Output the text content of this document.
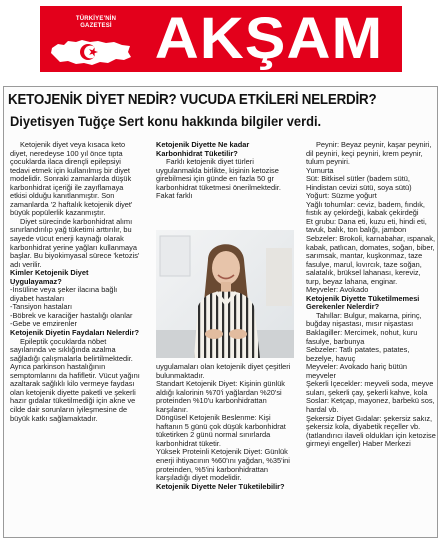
TÜRKİYE'NİN
GAZETESİ AKŞAM
KETOJENİK DİYET NEDİR? VUCUDA ETKİLERİ NELERDİR?
Diyetisyen Tuğçe Sert konu hakkında bilgiler verdi.

Ketojenik diyet veya kısaca keto diyet, neredeyse 100 yıl önce tıpta çocuklarda ilaca dirençli epilepsiyi tedavi etmek için kullanılmış bir diyet modelidir. Sonraki zamanlarda düşük karbonhidrat içeriği ile zayıflamaya etkisi olduğu kanıtlanmıştır. Son zamanlarda '2 haftalık ketojenik diyet' büyük popülerlik kazanmıştır.

Diyet sürecinde karbonhidrat alımı sınırlandırılıp yağ tüketimi arttırılır, bu sayede vücut enerji kaynağı olarak karbonhidrat yerine yağları kullanmaya başlar. Bu biyokimyasal sürece 'ketozis' adı verilir.

Kimler Ketojenik Diyet Uygulayamaz?

-İnsüline veya şeker ilacına bağlı diyabet hastaları

-Tansiyon hastaları

-Böbrek ve karaciğer hastalığı olanlar

-Gebe ve emzirenler

Ketojenik Diyetin Faydaları Nelerdir?

Epileptik çocuklarda nöbet sayılarında ve sıklığında azalma sağladığı çalışmalarla belirtilmektedir. Ayrıca parkinson hastalığının semptomlarını da hafifletir. Vücut yağını azaltarak sağlıklı kilo vermeye faydası olan ketojenik diyette paketli ve şekerli hazır gıdalar tüketilmediği için akne ve cilde dair sorunların iyileşmesine de büyük katkı sağlamaktadır.

Ketojenik Diyette Ne kadar Karbonhidrat Tüketilir?

Farklı ketojenik diyet türleri uygulanmakla birlikte, kişinin ketozise girebilmesi için günde en fazla 50 gr karbonhidrat tüketmesi önerilmektedir. Fakat farklı

uygulamaları olan ketojenik diyet çeşitleri bulunmaktadır.

Standart Ketojenik Diyet: Kişinin günlük aldığı kalorinin %70'i yağlardan %20'si proteinden %10'u karbonhidrattan karşılanır.

Döngüsel Ketojenik Beslenme: Kişi haftanın 5 günü çok düşük karbonhidrat tüketirken 2 günü normal sınırlarda karbonhidrat tüketir.

Yüksek Proteinli Ketojenik Diyet: Günlük enerji ihtiyacının %60'ını yağdan, %35'ini proteinden, %5'ini karbonhidrattan karşıladığı diyet modelidir.

Ketojenik Diyette Neler Tüketilebilir?

Peynir: Beyaz peynir, kaşar peyniri, dil peyniri, keçi peyniri, krem peynir, tulum peyniri.

Yumurta

Süt: Bitkisel sütler (badem sütü, Hindistan cevizi sütü, soya sütü)

Yoğurt: Süzme yoğurt

Yağlı tohumlar: ceviz, badem, fındık, fıstık ay çekirdeği, kabak çekirdeği

Et grubu: Dana eti, kuzu eti, hindi eti, tavuk, balık, ton balığı, jambon

Sebzeler: Brokoli, karnabahar, ıspanak, kabak, patlıcan, domates, soğan, biber, sarımsak, mantar, kuşkonmaz, taze fasulye, marul, kıvırcık, taze soğan, salatalık, brüksel lahanası, kereviz, turp, beyaz lahana, enginar.

Meyveler: Avokado

Ketojenik Diyette Tüketilmemesi Gerekenler Nelerdir?

Tahıllar: Bulgur, makarna, pirinç, buğday nişastası, mısır nişastası

Baklagiller: Mercimek, nohut, kuru fasulye, barbunya

Sebzeler: Tatlı patates, patates, bezelye, havuç

Meyveler: Avokado hariç bütün meyveler

Şekerli İçecekler: meyveli soda, meyve suları, şekerli çay, şekerli kahve, kola

Soslar: Ketçap, mayonez, barbekü sos, hardal vb.

Şekersiz Diyet Gıdalar: şekersiz sakız, şekersiz kola, diyabetik reçeller vb. (tatlandırıcı ilaveli oldukları için ketozise girmeyi engeller) Haber Merkezi
